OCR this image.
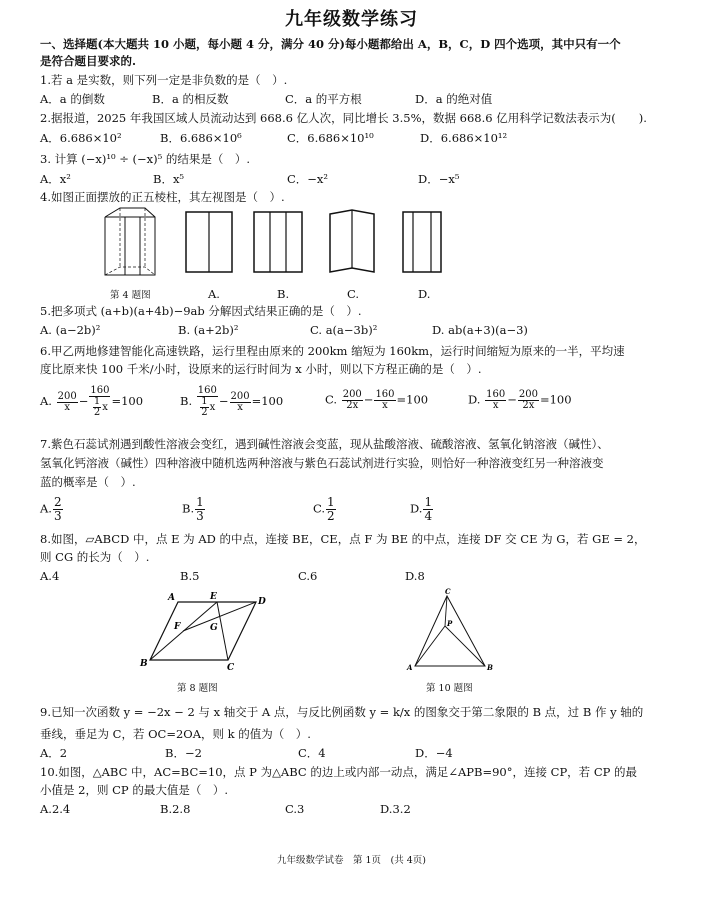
九年级数学练习
一、选择题(本大题共 10 小题，每小题 4 分，满分 40 分)每小题都给出 A，B，C，D 四个选项，其中只有一个
是符合题目要求的.
1.若 a 是实数，则下列一定是非负数的是（　）.
A．a 的倒数	B．a 的相反数	C．a 的平方根	D．a 的绝对值
2.据报道，2025 年我国区域人员流动达到 668.6 亿人次，同比增长 3.5%，数据 668.6 亿用科学记数法表示为(　　).
A．6.686×10²	B．6.686×10⁶	C．6.686×10¹⁰	D．6.686×10¹²
3. 计算 (−x)¹⁰ ÷ (−x)⁵ 的结果是（　）.
A．x²	B．x⁵	C．−x²	D．−x⁵
4.如图正面摆放的正五棱柱，其左视图是（　）.
第 4 题图	A.	B.	C.	D.
5.把多项式 (a+b)(a+4b)−9ab 分解因式结果正确的是（　）.
A. (a−2b)²	B. (a+2b)²	C. a(a−3b)²	D. ab(a+3)(a−3)
6.甲乙两地修建智能化高速铁路，运行里程由原来的 200km 缩短为 160km，运行时间缩短为原来的一半，平均速
度比原来快 100 千米/小时，设原来的运行时间为 x 小时，则以下方程正确的是（　）.
A. $\frac{200}{x} - \frac{160}{\frac{1}{2} x} =100$	B. $\frac{160}{\frac{1}{2} x} - \frac{200}{x} =100$	C. $\frac{200}{2x} - \frac{160}{x} =100$	D. $\frac{160}{x} - \frac{200}{2x} =100$
7.紫色石蕊试剂遇到酸性溶液会变红，遇到碱性溶液会变蓝，现从盐酸溶液、硫酸溶液、氢氧化钠溶液（碱性）、
氢氧化钙溶液（碱性）四种溶液中随机选两种溶液与紫色石蕊试剂进行实验，则恰好一种溶液变红另一种溶液变
蓝的概率是（　）.
A. $\frac{2}{3}$	B. $\frac{1}{3}$	C. $\frac{1}{2}$	D. $\frac{1}{4}$
8.如图，▱ABCD 中，点 E 为 AD 的中点，连接 BE，CE，点 F 为 BE 的中点，连接 DF 交 CE 为 G，若 GE = 2，
则 CG 的长为（　）.
A.4	B.5	C.6	D.8
A	E	D
F	G
B	C
第 8 题图
C
P
A	B
第 10 题图
9.已知一次函数 y = −2x − 2 与 x 轴交于 A 点，与反比例函数 y = k/x 的图象交于第二象限的 B 点，过 B 作 y 轴的
垂线，垂足为 C，若 OC=2OA，则 k 的值为（　）.
A．2	B．−2	C．4	D．−4
10.如图，△ABC 中，AC=BC=10，点 P 为△ABC 的边上或内部一动点，满足∠APB=90°，连接 CP，若 CP 的最
小值是 2，则 CP 的最大值是（　）.
A.2.4	B.2.8	C.3	D.3.2
九年级数学试卷　第 1页　(共 4页)
